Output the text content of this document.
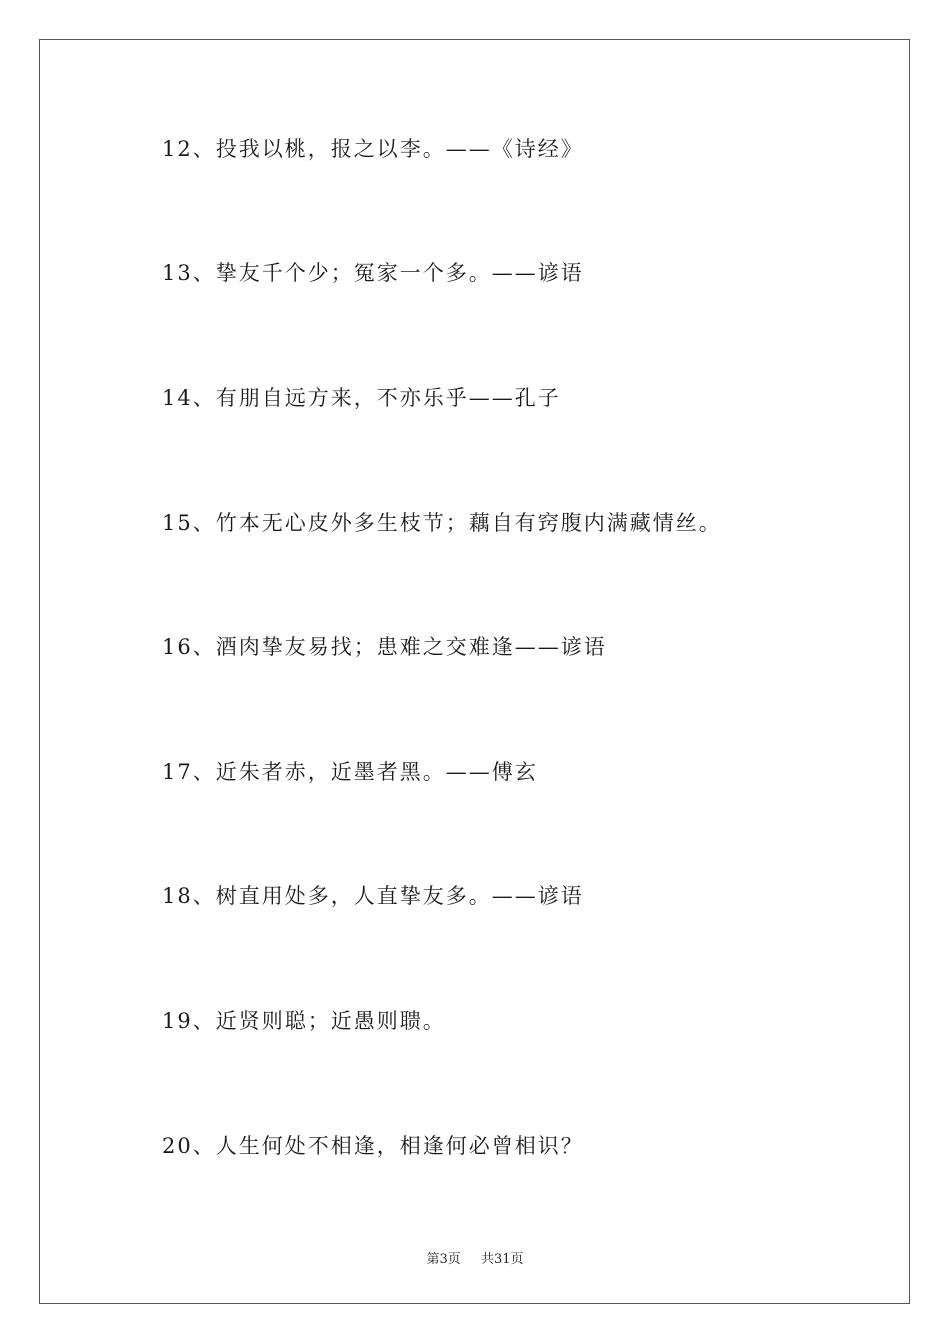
12、投我以桃，报之以李。——《诗经》
13、挚友千个少；冤家一个多。——谚语
14、有朋自远方来，不亦乐乎——孔子
15、竹本无心皮外多生枝节；藕自有窍腹内满藏情丝。
16、酒肉挚友易找；患难之交难逢——谚语
17、近朱者赤，近墨者黑。——傅玄
18、树直用处多，人直挚友多。——谚语
19、近贤则聪；近愚则聩。
20、人生何处不相逢，相逢何必曾相识？
第3页 共31页
